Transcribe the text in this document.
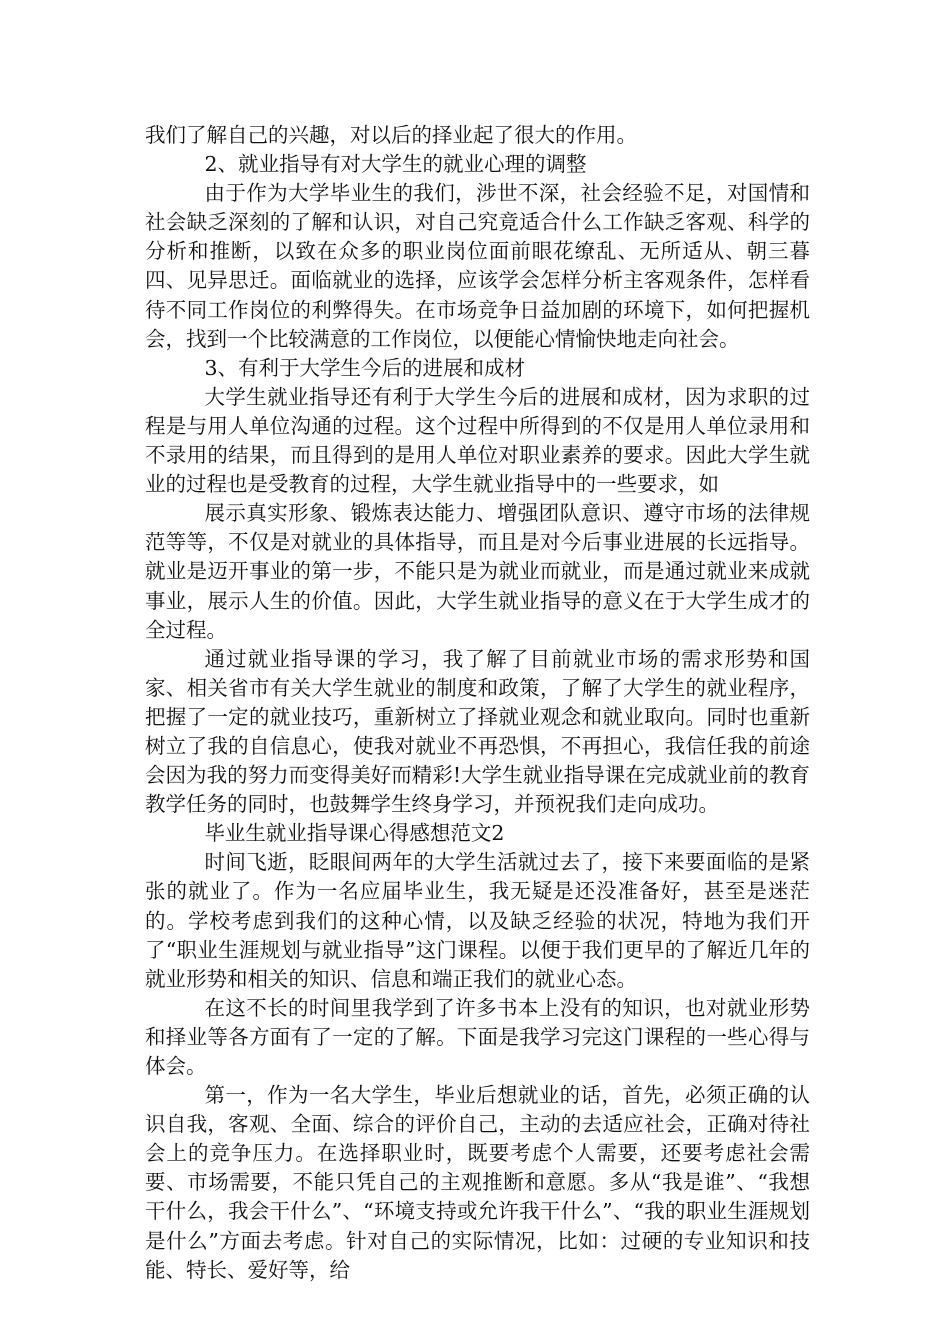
我们了解自己的兴趣，对以后的择业起了很大的作用。

2、就业指导有对大学生的就业心理的调整

由于作为大学毕业生的我们，涉世不深，社会经验不足，对国情和社会缺乏深刻的了解和认识，对自己究竟适合什么工作缺乏客观、科学的分析和推断，以致在众多的职业岗位面前眼花缭乱、无所适从、朝三暮四、见异思迁。面临就业的选择，应该学会怎样分析主客观条件，怎样看待不同工作岗位的利弊得失。在市场竞争日益加剧的环境下，如何把握机会，找到一个比较满意的工作岗位，以便能心情愉快地走向社会。

3、有利于大学生今后的进展和成材

大学生就业指导还有利于大学生今后的进展和成材，因为求职的过程是与用人单位沟通的过程。这个过程中所得到的不仅是用人单位录用和不录用的结果，而且得到的是用人单位对职业素养的要求。因此大学生就业的过程也是受教育的过程，大学生就业指导中的一些要求，如

展示真实形象、锻炼表达能力、增强团队意识、遵守市场的法律规范等等，不仅是对就业的具体指导，而且是对今后事业进展的长远指导。就业是迈开事业的第一步，不能只是为就业而就业，而是通过就业来成就事业，展示人生的价值。因此，大学生就业指导的意义在于大学生成才的全过程。

通过就业指导课的学习，我了解了目前就业市场的需求形势和国家、相关省市有关大学生就业的制度和政策，了解了大学生的就业程序，把握了一定的就业技巧，重新树立了择就业观念和就业取向。同时也重新树立了我的自信息心，使我对就业不再恐惧，不再担心，我信任我的前途会因为我的努力而变得美好而精彩!大学生就业指导课在完成就业前的教育教学任务的同时，也鼓舞学生终身学习，并预祝我们走向成功。

毕业生就业指导课心得感想范文2

时间飞逝，眨眼间两年的大学生活就过去了，接下来要面临的是紧张的就业了。作为一名应届毕业生，我无疑是还没准备好，甚至是迷茫的。学校考虑到我们的这种心情，以及缺乏经验的状况，特地为我们开了“职业生涯规划与就业指导”这门课程。以便于我们更早的了解近几年的就业形势和相关的知识、信息和端正我们的就业心态。

在这不长的时间里我学到了许多书本上没有的知识，也对就业形势和择业等各方面有了一定的了解。下面是我学习完这门课程的一些心得与体会。

第一，作为一名大学生，毕业后想就业的话，首先，必须正确的认识自我，客观、全面、综合的评价自己，主动的去适应社会，正确对待社会上的竞争压力。在选择职业时，既要考虑个人需要，还要考虑社会需要、市场需要，不能只凭自己的主观推断和意愿。多从“我是谁”、“我想干什么，我会干什么”、“环境支持或允许我干什么”、“我的职业生涯规划是什么”方面去考虑。针对自己的实际情况，比如：过硬的专业知识和技能、特长、爱好等，给
